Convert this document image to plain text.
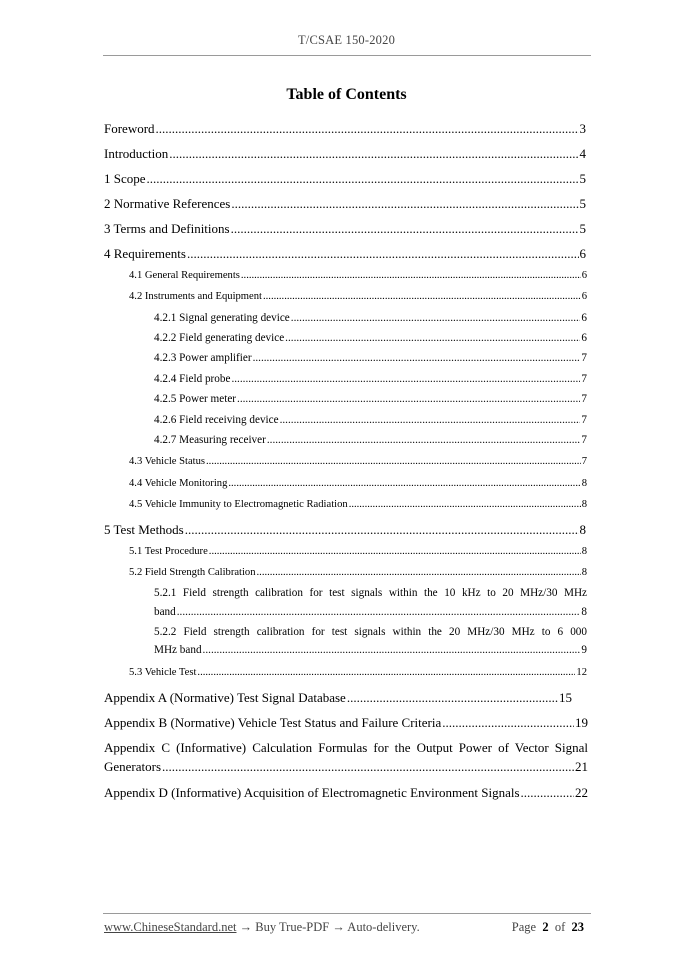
T/CSAE 150-2020
Table of Contents
Foreword .....	3
Introduction .....	4
1 Scope .....	5
2 Normative References .....	5
3 Terms and Definitions .....	5
4 Requirements .....	6
4.1 General Requirements .....	6
4.2 Instruments and Equipment .....	6
4.2.1 Signal generating device .....	6
4.2.2 Field generating device .....	6
4.2.3 Power amplifier .....	7
4.2.4 Field probe .....	7
4.2.5 Power meter .....	7
4.2.6 Field receiving device .....	7
4.2.7 Measuring receiver .....	7
4.3 Vehicle Status .....	7
4.4 Vehicle Monitoring .....	8
4.5 Vehicle Immunity to Electromagnetic Radiation .....	8
5 Test Methods .....	8
5.1 Test Procedure .....	8
5.2 Field Strength Calibration .....	8
5.2.1 Field strength calibration for test signals within the 10 kHz to 20 MHz/30 MHz
band .....	8
5.2.2 Field strength calibration for test signals within the 20 MHz/30 MHz to 6 000
MHz band .....	9
5.3 Vehicle Test .....	12
Appendix A (Normative) Test Signal Database .....	15
Appendix B (Normative) Vehicle Test Status and Failure Criteria .....	19
Appendix C (Informative) Calculation Formulas for the Output Power of Vector Signal
Generators .....	21
Appendix D (Informative) Acquisition of Electromagnetic Environment Signals .....	22
www.ChineseStandard.net → Buy True-PDF → Auto-delivery.	Page 2 of 23
